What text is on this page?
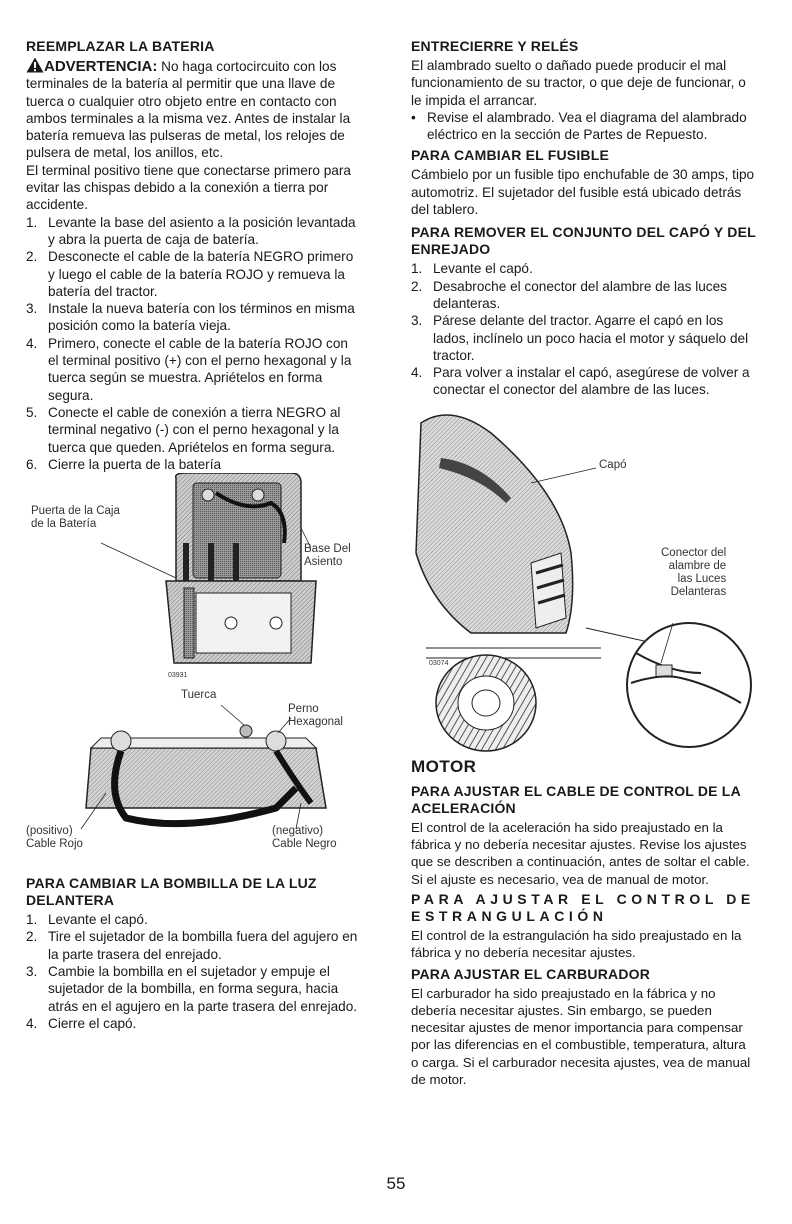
REEMPLAZAR LA BATERIA
ADVERTENCIA: No haga cortocircuito con los terminales de la batería al permitir que una llave de tuerca o cualquier otro objeto entre en contacto con ambos terminales a la misma vez. Antes de instalar la batería remueva las pulseras de metal, los relojes de pulsera de metal, los anillos, etc.

El terminal positivo tiene que conectarse primero para evitar las chispas debido a la conexión a tierra por accidente.

1. Levante la base del asiento a la posición levantada y abra la puerta de caja de batería.
2. Desconecte el cable de la batería NEGRO primero y luego el cable de la batería ROJO y remueva la batería del tractor.
3. Instale la nueva batería con los términos en misma posición como la batería vieja.
4. Primero, conecte el cable de la batería ROJO con el terminal positivo (+) con el perno hexagonal y la tuerca según se muestra. Apriételos en forma segura.
5. Conecte el cable de conexión a tierra NEGRO al terminal negativo (-) con el perno hexagonal y la tuerca que queden. Apriételos en forma segura.
6. Cierre la puerta de la batería
Puerta de la Caja
de la Batería
Base Del
Asiento
03931
Tuerca
Perno
Hexagonal
(positivo)
Cable Rojo
(negativo)
Cable Negro
PARA CAMBIAR LA BOMBILLA DE LA LUZ DELANTERA
1. Levante el capó.
2. Tire el sujetador de la bombilla fuera del agujero en la parte trasera del enrejado.
3. Cambie la bombilla en el sujetador y empuje el sujetador de la bombilla, en forma segura, hacia atrás en el agujero en la parte trasera del enrejado.
4. Cierre el capó.
ENTRECIERRE Y RELÉS

El alambrado suelto o dañado puede producir el mal funcionamiento de su tractor, o que deje de funcionar, o le impida el arrancar.

• Revise el alambrado. Vea el diagrama del alambrado eléctrico en la sección de Partes de Repuesto.
PARA CAMBIAR EL FUSIBLE

Cámbielo por un fusible tipo enchufable de 30 amps, tipo automotriz. El sujetador del fusible está ubicado detrás del tablero.

PARA REMOVER EL CONJUNTO DEL CAPÓ Y DEL ENREJADO
1. Levante el capó.
2. Desabroche el conector del alambre de las luces delanteras.
3. Párese delante del tractor. Agarre el capó en los lados, inclínelo un poco hacia el motor y sáquelo del tractor.
4. Para volver a instalar el capó, asegúrese de volver a conectar el conector del alambre de las luces.
Capó
Conector del
alambre de
las Luces
Delanteras
03074
MOTOR
PARA AJUSTAR EL CABLE DE CONTROL DE LA ACELERACIÓN

El control de la aceleración ha sido preajustado en la fábrica y no debería necesitar ajustes. Revise los ajustes que se describen a continuación, antes de soltar el cable. Si el ajuste es necesario, vea de manual de motor.

PARA AJUSTAR EL CONTROL DE ESTRANGULACIÓN

El control de la estrangulación ha sido preajustado en la fábrica y no debería necesitar ajustes.

PARA AJUSTAR EL CARBURADOR

El carburador ha sido preajustado en la fábrica y no debería necesitar ajustes. Sin embargo, se pueden necesitar ajustes de menor importancia para compensar por las diferencias en el combustible, temperatura, altura o carga. Si el carburador necesita ajustes, vea de manual de motor.

55
